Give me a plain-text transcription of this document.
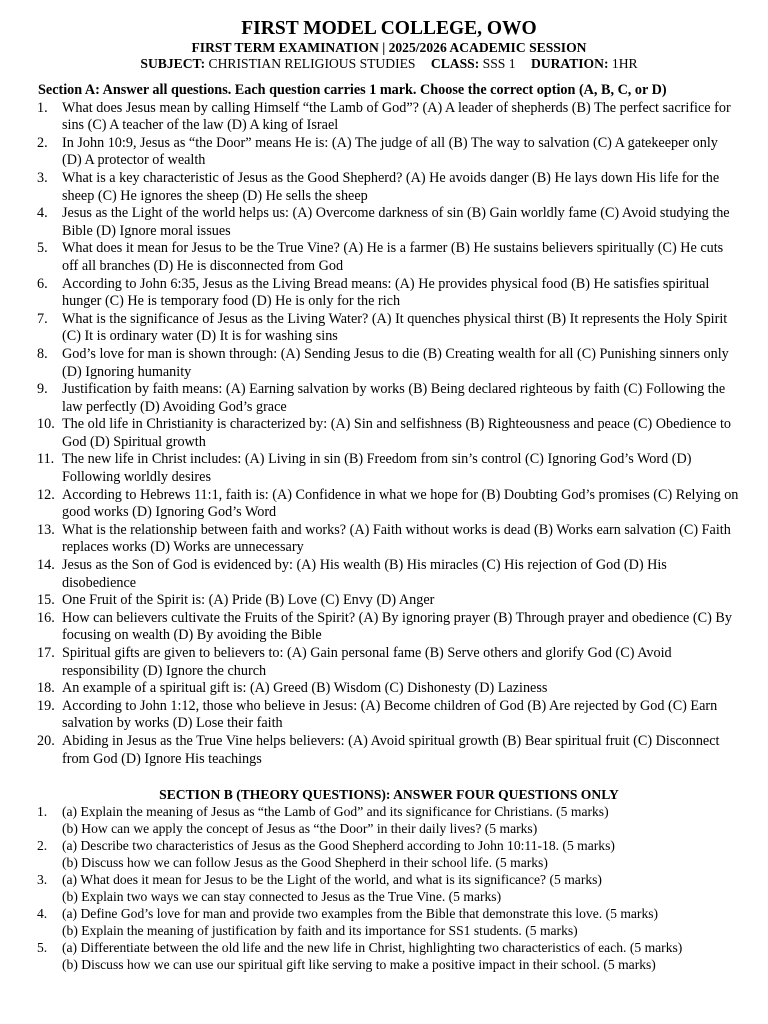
FIRST MODEL COLLEGE, OWO
FIRST TERM EXAMINATION | 2025/2026 ACADEMIC SESSION
SUBJECT: CHRISTIAN RELIGIOUS STUDIES CLASS: SSS 1 DURATION: 1HR
Section A: Answer all questions. Each question carries 1 mark. Choose the correct option (A, B, C, or D)
1. What does Jesus mean by calling Himself “the Lamb of God”? (A) A leader of shepherds (B) The perfect sacrifice for sins (C) A teacher of the law (D) A king of Israel
2. In John 10:9, Jesus as “the Door” means He is: (A) The judge of all (B) The way to salvation (C) A gatekeeper only (D) A protector of wealth
3. What is a key characteristic of Jesus as the Good Shepherd? (A) He avoids danger (B) He lays down His life for the sheep (C) He ignores the sheep (D) He sells the sheep
4. Jesus as the Light of the world helps us: (A) Overcome darkness of sin (B) Gain worldly fame (C) Avoid studying the Bible (D) Ignore moral issues
5. What does it mean for Jesus to be the True Vine? (A) He is a farmer (B) He sustains believers spiritually (C) He cuts off all branches (D) He is disconnected from God
6. According to John 6:35, Jesus as the Living Bread means: (A) He provides physical food (B) He satisfies spiritual hunger (C) He is temporary food (D) He is only for the rich
7. What is the significance of Jesus as the Living Water? (A) It quenches physical thirst (B) It represents the Holy Spirit (C) It is ordinary water (D) It is for washing sins
8. God’s love for man is shown through: (A) Sending Jesus to die (B) Creating wealth for all (C) Punishing sinners only (D) Ignoring humanity
9. Justification by faith means: (A) Earning salvation by works (B) Being declared righteous by faith (C) Following the law perfectly (D) Avoiding God’s grace
10. The old life in Christianity is characterized by: (A) Sin and selfishness (B) Righteousness and peace (C) Obedience to God (D) Spiritual growth
11. The new life in Christ includes: (A) Living in sin (B) Freedom from sin’s control (C) Ignoring God’s Word (D) Following worldly desires
12. According to Hebrews 11:1, faith is: (A) Confidence in what we hope for (B) Doubting God’s promises (C) Relying on good works (D) Ignoring God’s Word
13. What is the relationship between faith and works? (A) Faith without works is dead (B) Works earn salvation (C) Faith replaces works (D) Works are unnecessary
14. Jesus as the Son of God is evidenced by: (A) His wealth (B) His miracles (C) His rejection of God (D) His disobedience
15. One Fruit of the Spirit is: (A) Pride (B) Love (C) Envy (D) Anger
16. How can believers cultivate the Fruits of the Spirit? (A) By ignoring prayer (B) Through prayer and obedience (C) By focusing on wealth (D) By avoiding the Bible
17. Spiritual gifts are given to believers to: (A) Gain personal fame (B) Serve others and glorify God (C) Avoid responsibility (D) Ignore the church
18. An example of a spiritual gift is: (A) Greed (B) Wisdom (C) Dishonesty (D) Laziness
19. According to John 1:12, those who believe in Jesus: (A) Become children of God (B) Are rejected by God (C) Earn salvation by works (D) Lose their faith
20. Abiding in Jesus as the True Vine helps believers: (A) Avoid spiritual growth (B) Bear spiritual fruit (C) Disconnect from God (D) Ignore His teachings
SECTION B (THEORY QUESTIONS): ANSWER FOUR QUESTIONS ONLY
1. (a) Explain the meaning of Jesus as “the Lamb of God” and its significance for Christians. (5 marks)
(b) How can we apply the concept of Jesus as “the Door” in their daily lives? (5 marks)
2. (a) Describe two characteristics of Jesus as the Good Shepherd according to John 10:11-18. (5 marks)
(b) Discuss how we can follow Jesus as the Good Shepherd in their school life. (5 marks)
3. (a) What does it mean for Jesus to be the Light of the world, and what is its significance? (5 marks)
(b) Explain two ways we can stay connected to Jesus as the True Vine. (5 marks)
4. (a) Define God’s love for man and provide two examples from the Bible that demonstrate this love. (5 marks)
(b) Explain the meaning of justification by faith and its importance for SS1 students. (5 marks)
5. (a) Differentiate between the old life and the new life in Christ, highlighting two characteristics of each. (5 marks)
(b) Discuss how we can use our spiritual gift like serving to make a positive impact in their school. (5 marks)
